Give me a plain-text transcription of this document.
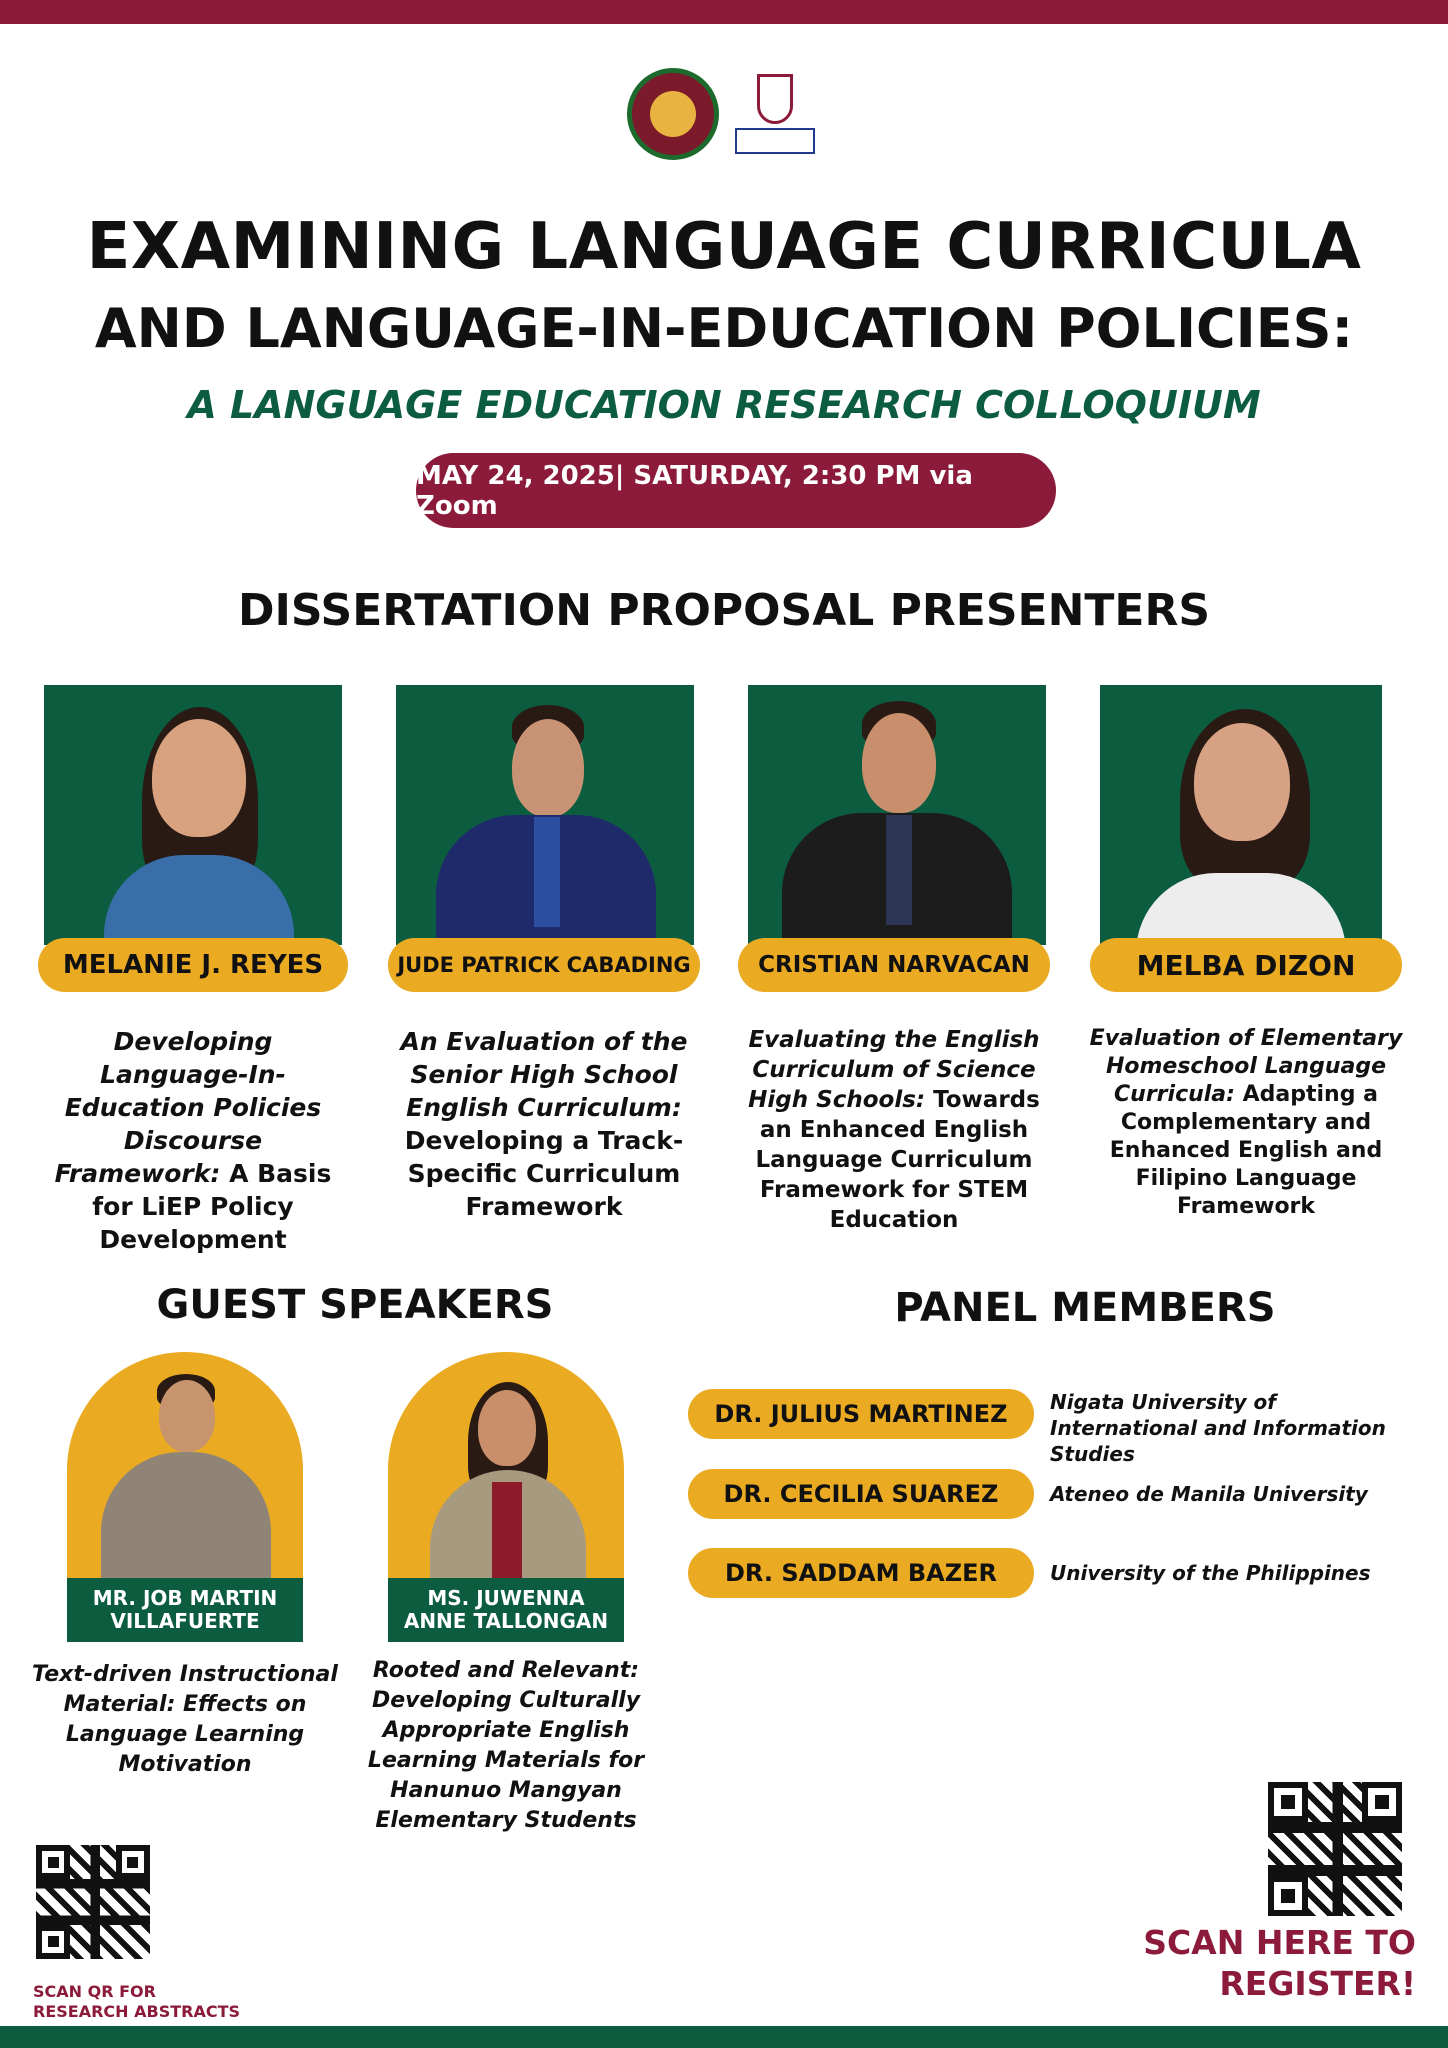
EXAMINING LANGUAGE CURRICULA
AND LANGUAGE-IN-EDUCATION POLICIES:
A LANGUAGE EDUCATION RESEARCH COLLOQUIUM
MAY 24, 2025| SATURDAY, 2:30 PM via Zoom
DISSERTATION PROPOSAL PRESENTERS
MELANIE J. REYES
Developing Language-In-Education Policies Discourse Framework: A Basis for LiEP Policy Development
JUDE PATRICK CABADING
An Evaluation of the Senior High School English Curriculum: Developing a Track-Specific Curriculum Framework
CRISTIAN NARVACAN
Evaluating the English Curriculum of Science High Schools: Towards an Enhanced English Language Curriculum Framework for STEM Education
MELBA DIZON
Evaluation of Elementary Homeschool Language Curricula: Adapting a Complementary and Enhanced English and Filipino Language Framework
GUEST SPEAKERS	PANEL MEMBERS
MR. JOB MARTIN
VILLAFUERTE
Text-driven Instructional Material: Effects on Language Learning Motivation
MS. JUWENNA
ANNE TALLONGAN
Rooted and Relevant: Developing Culturally Appropriate English Learning Materials for Hanunuo Mangyan Elementary Students
DR. JULIUS MARTINEZ	Nigata University of International and Information Studies
DR. CECILIA SUAREZ	Ateneo de Manila University
DR. SADDAM BAZER	University of the Philippines
SCAN QR FOR
RESEARCH ABSTRACTS
SCAN HERE TO
REGISTER!
